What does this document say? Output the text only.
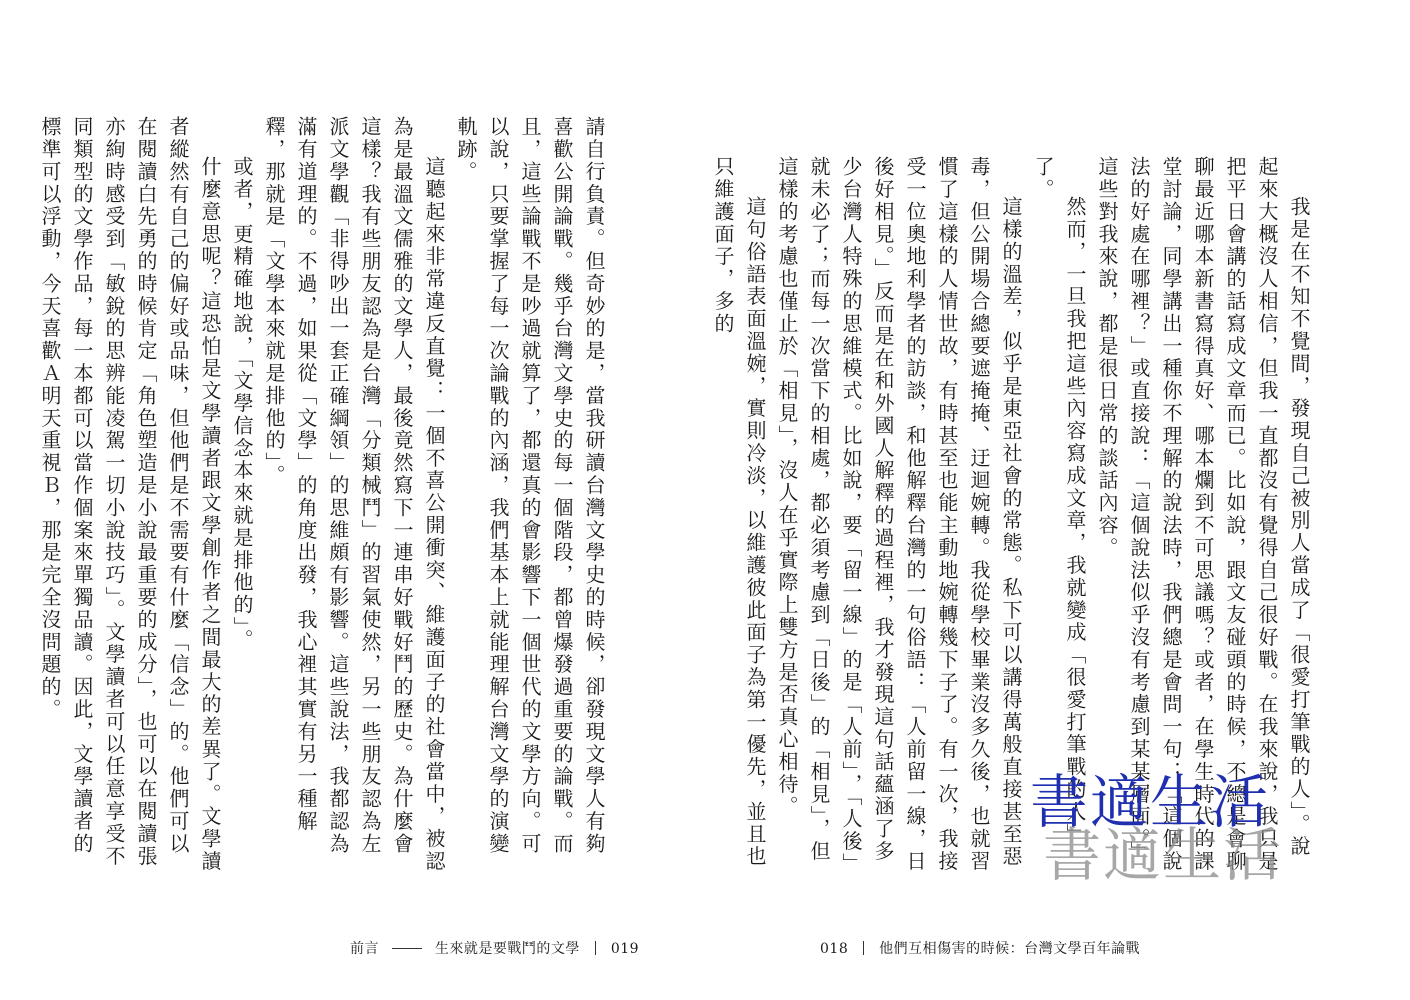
請自行負責。但奇妙的是，當我研讀台灣文學史的時候，卻發現文學人有夠喜歡公開論戰。幾乎台灣文學史的每一個階段，都曾爆發過重要的論戰。而且，這些論戰不是吵過就算了，都還真的會影響下一個世代的文學方向。可以說，只要掌握了每一次論戰的內涵，我們基本上就能理解台灣文學的演變軌跡。

這聽起來非常違反直覺：一個不喜公開衝突、維護面子的社會當中，被認為是最溫文儒雅的文學人，最後竟然寫下一連串好戰好鬥的歷史。為什麼會這樣？我有些朋友認為是台灣「分類械鬥」的習氣使然，另一些朋友認為左派文學觀「非得吵出一套正確綱領」的思維頗有影響。這些說法，我都認為滿有道理的。不過，如果從「文學」的角度出發，我心裡其實有另一種解釋，那就是「文學本來就是排他的」。

或者，更精確地說，「文學信念本來就是排他的」。

什麼意思呢？這恐怕是文學讀者跟文學創作者之間最大的差異了。文學讀者縱然有自己的偏好或品味，但他們是不需要有什麼「信念」的。他們可以在閱讀白先勇的時候肯定「角色塑造是小說最重要的成分」，也可以在閱讀張亦絢時感受到「敏銳的思辨能凌駕一切小說技巧」。文學讀者可以任意享受不同類型的文學作品，每一本都可以當作個案來單獨品讀。因此，文學讀者的標準可以浮動，今天喜歡Ａ明天重視Ｂ，那是完全沒問題的。

前言	生來就是要戰鬥的文學 019

我是在不知不覺間，發現自己被別人當成了「很愛打筆戰的人」。說起來大概沒人相信，但我一直都沒有覺得自己很好戰。在我來說，我只是把平日會講的話寫成文章而已。比如說，跟文友碰頭的時候，不總是會聊聊最近哪本新書寫得真好、哪本爛到不可思議嗎？或者，在學生時代的課堂討論，同學講出一種你不理解的說法時，我們總是會問一句：「這個說法的好處在哪裡？」或直接說：「這個說法似乎沒有考慮到某某層面。」這些對我來說，都是很日常的談話內容。

然而，一旦我把這些內容寫成文章，我就變成「很愛打筆戰的人」了。

這樣的溫差，似乎是東亞社會的常態。私下可以講得萬般直接甚至惡毒，但公開場合總要遮掩掩、迂迴婉轉。我從學校畢業沒多久後，也就習慣了這樣的人情世故，有時甚至也能主動地婉轉幾下子了。有一次，我接受一位奧地利學者的訪談，和他解釋台灣的一句俗語：「人前留一線，日後好相見。」反而是在和外國人解釋的過程裡，我才發現這句話蘊涵了多少台灣人特殊的思維模式。比如說，要「留一線」的是「人前」，「人後」就未必了；而每一次當下的相處，都必須考慮到「日後」的「相見」，但這樣的考慮也僅止於「相見」，沒人在乎實際上雙方是否真心相待。

這句俗語表面溫婉，實則冷淡，以維護彼此面子為第一優先，並且也只維護面子，多的

018 他們互相傷害的時候：台灣文學百年論戰
書適生活
書適生活
